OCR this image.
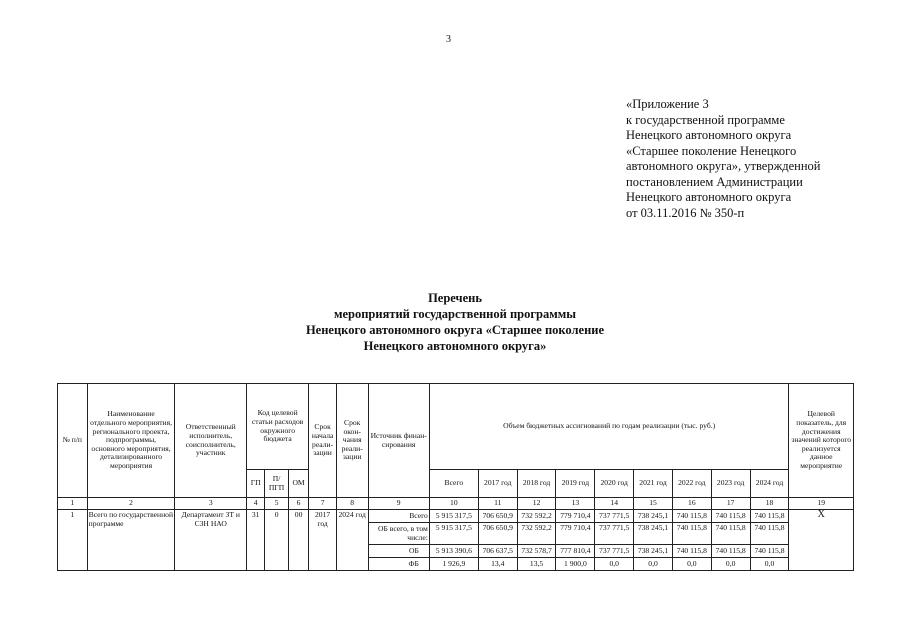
3
«Приложение 3
к государственной программе
Ненецкого автономного округа
«Старшее поколение Ненецкого
автономного округа», утвержденной
постановлением Администрации
Ненецкого автономного округа
от 03.11.2016 № 350-п
Перечень
мероприятий государственной программы
Ненецкого автономного округа «Старшее поколение
Ненецкого автономного округа»
№ п/п	Наименование отдельного мероприятия, регионального проекта, подпрограммы, основного мероприятия, детализированного мероприятия	Ответственный исполнитель, соисполнитель, участник	Код целевой статьи расходов окружного бюджета			Срок начала реали-зации	Срок окон-чания реали-зации	Источник финан-сирования	Объем бюджетных ассигнований по годам реализации (тыс. руб.)									Целевой показатель, для достижения значений которого реализуется данное мероприятие
			ГП	П/ ПГП	ОМ				Всего	2017 год	2018 год	2019 год	2020 год	2021 год	2022 год	2023 год	2024 год	
1	2	3	4	5	6	7	8	9	10	11	12	13	14	15	16	17	18	19
1	Всего по государственной программе	Департамент ЗТ и СЗН НАО	31	0	00	2017 год	2024 год	Всего	5 915 317,5	706 650,9	732 592,2	779 710,4	737 771,5	738 245,1	740 115,8	740 115,8	740 115,8	Х
								ОБ всего, в том числе:	5 915 317,5	706 650,9	732 592,2	779 710,4	737 771,5	738 245,1	740 115,8	740 115,8	740 115,8	
								ОБ	5 913 390,6	706 637,5	732 578,7	777 810,4	737 771,5	738 245,1	740 115,8	740 115,8	740 115,8	
								ФБ	1 926,9	13,4	13,5	1 900,0	0,0	0,0	0,0	0,0	0,0	
